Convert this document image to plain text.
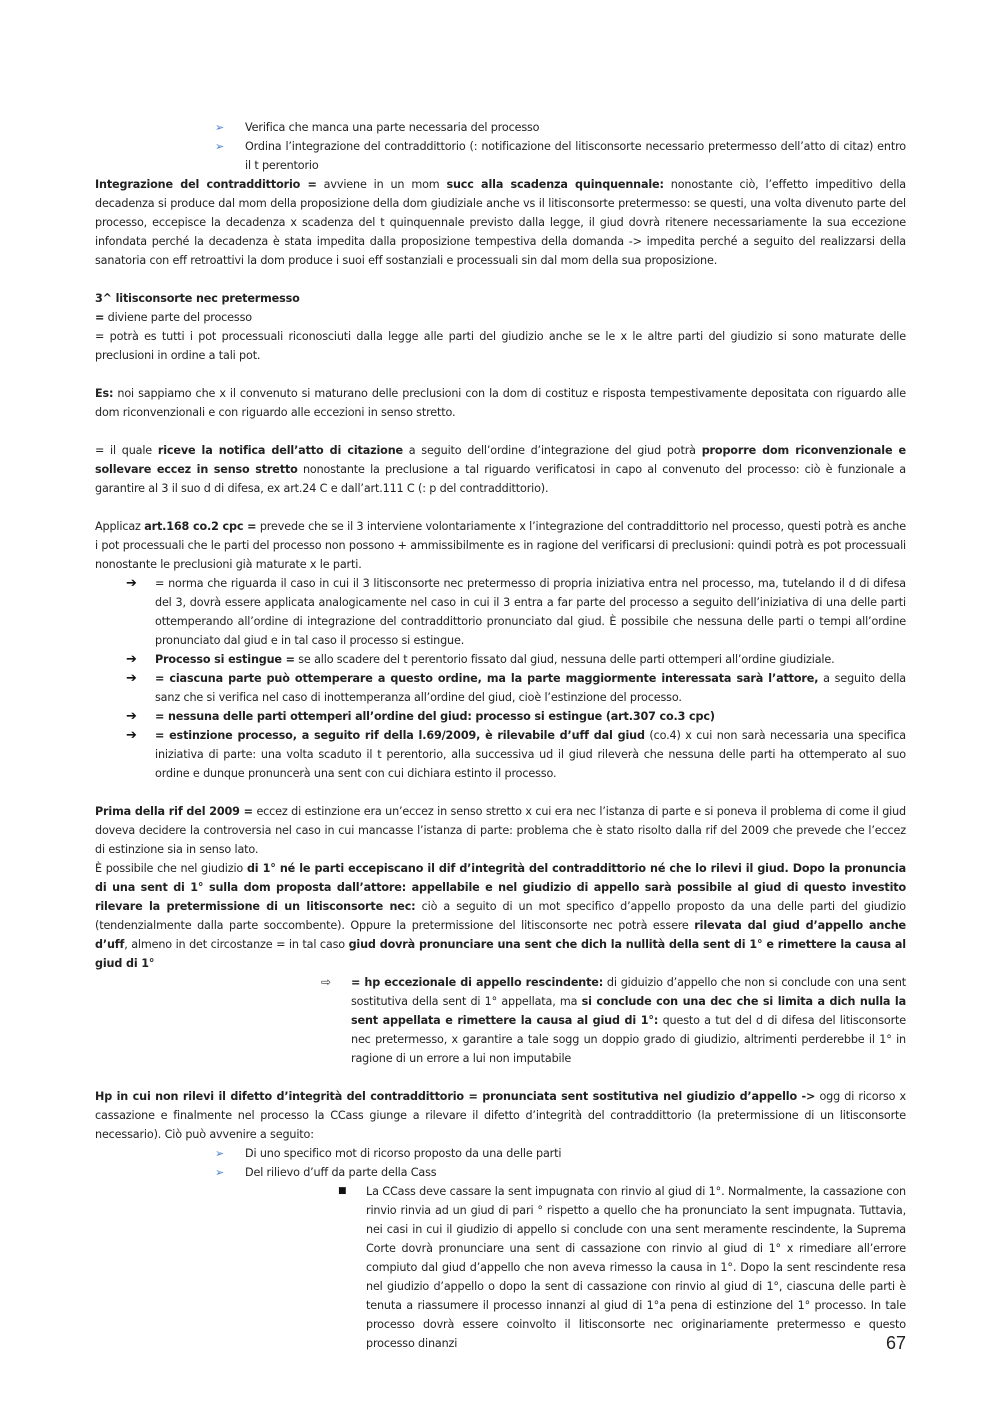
➢ Verifica che manca una parte necessaria del processo
➢ Ordina l’integrazione del contraddittorio (: notificazione del litisconsorte necessario pretermesso dell’atto di citaz) entro il t perentorio

Integrazione del contraddittorio = avviene in un mom succ alla scadenza quinquennale: nonostante ciò, l’effetto impeditivo della decadenza si produce dal mom della proposizione della dom giudiziale anche vs il litisconsorte pretermesso: se questi, una volta divenuto parte del processo, eccepisce la decadenza x scadenza del t quinquennale previsto dalla legge, il giud dovrà ritenere necessariamente la sua eccezione infondata perché la decadenza è stata impedita dalla proposizione tempestiva della domanda -> impedita perché a seguito del realizzarsi della sanatoria con eff retroattivi la dom produce i suoi eff sostanziali e processuali sin dal mom della sua proposizione.

3^ litisconsorte nec pretermesso

= diviene parte del processo

= potrà es tutti i pot processuali riconosciuti dalla legge alle parti del giudizio anche se le x le altre parti del giudizio si sono maturate delle preclusioni in ordine a tali pot.

Es: noi sappiamo che x il convenuto si maturano delle preclusioni con la dom di costituz e risposta tempestivamente depositata con riguardo alle dom riconvenzionali e con riguardo alle eccezioni in senso stretto.

= il quale riceve la notifica dell’atto di citazione a seguito dell’ordine d’integrazione del giud potrà proporre dom riconvenzionale e sollevare eccez in senso stretto nonostante la preclusione a tal riguardo verificatosi in capo al convenuto del processo: ciò è funzionale a garantire al 3 il suo d di difesa, ex art.24 C e dall’art.111 C (: p del contraddittorio).

Applicaz art.168 co.2 cpc = prevede che se il 3 interviene volontariamente x l’integrazione del contraddittorio nel processo, questi potrà es anche i pot processuali che le parti del processo non possono + ammissibilmente es in ragione del verificarsi di preclusioni: quindi potrà es pot processuali nonostante le preclusioni già maturate x le parti.

➔ = norma che riguarda il caso in cui il 3 litisconsorte nec pretermesso di propria iniziativa entra nel processo, ma, tutelando il d di difesa del 3, dovrà essere applicata analogicamente nel caso in cui il 3 entra a far parte del processo a seguito dell’iniziativa di una delle parti ottemperando all’ordine di integrazione del contraddittorio pronunciato dal giud. È possibile che nessuna delle parti o tempi all’ordine pronunciato dal giud e in tal caso il processo si estingue.
➔ Processo si estingue = se allo scadere del t perentorio fissato dal giud, nessuna delle parti ottemperi all’ordine giudiziale.
➔ = ciascuna parte può ottemperare a questo ordine, ma la parte maggiormente interessata sarà l’attore, a seguito della sanz che si verifica nel caso di inottemperanza all’ordine del giud, cioè l’estinzione del processo.
➔ = nessuna delle parti ottemperi all’ordine del giud: processo si estingue (art.307 co.3 cpc)
➔ = estinzione processo, a seguito rif della l.69/2009, è rilevabile d’uff dal giud (co.4) x cui non sarà necessaria una specifica iniziativa di parte: una volta scaduto il t perentorio, alla successiva ud il giud rileverà che nessuna delle parti ha ottemperato al suo ordine e dunque pronuncerà una sent con cui dichiara estinto il processo.

Prima della rif del 2009 = eccez di estinzione era un’eccez in senso stretto x cui era nec l’istanza di parte e si poneva il problema di come il giud doveva decidere la controversia nel caso in cui mancasse l’istanza di parte: problema che è stato risolto dalla rif del 2009 che prevede che l’eccez di estinzione sia in senso lato.

È possibile che nel giudizio di 1° né le parti eccepiscano il dif d’integrità del contraddittorio né che lo rilevi il giud. Dopo la pronuncia di una sent di 1° sulla dom proposta dall’attore: appellabile e nel giudizio di appello sarà possibile al giud di questo investito rilevare la pretermissione di un litisconsorte nec: ciò a seguito di un mot specifico d’appello proposto da una delle parti del giudizio (tendenzialmente dalla parte soccombente). Oppure la pretermissione del litisconsorte nec potrà essere rilevata dal giud d’appello anche d’uff, almeno in det circostanze = in tal caso giud dovrà pronunciare una sent che dich la nullità della sent di 1° e rimettere la causa al giud di 1°

⇨ = hp eccezionale di appello rescindente: di giduizio d’appello che non si conclude con una sent sostitutiva della sent di 1° appellata, ma si conclude con una dec che si limita a dich nulla la sent appellata e rimettere la causa al giud di 1°: questo a tut del d di difesa del litisconsorte nec pretermesso, x garantire a tale sogg un doppio grado di giudizio, altrimenti perderebbe il 1° in ragione di un errore a lui non imputabile

Hp in cui non rilevi il difetto d’integrità del contraddittorio = pronunciata sent sostitutiva nel giudizio d’appello -> ogg di ricorso x cassazione e finalmente nel processo la CCass giunge a rilevare il difetto d’integrità del contraddittorio (la pretermissione di un litisconsorte necessario). Ciò può avvenire a seguito:

➢ Di uno specifico mot di ricorso proposto da una delle parti
➢ Del rilievo d’uff da parte della Cass
■ La CCass deve cassare la sent impugnata con rinvio al giud di 1°. Normalmente, la cassazione con rinvio rinvia ad un giud di pari ° rispetto a quello che ha pronunciato la sent impugnata. Tuttavia, nei casi in cui il giudizio di appello si conclude con una sent meramente rescindente, la Suprema Corte dovrà pronunciare una sent di cassazione con rinvio al giud di 1° x rimediare all’errore compiuto dal giud d’appello che non aveva rimesso la causa in 1°. Dopo la sent rescindente resa nel giudizio d’appello o dopo la sent di cassazione con rinvio al giud di 1°, ciascuna delle parti è tenuta a riassumere il processo innanzi al giud di 1°a pena di estinzione del 1° processo. In tale processo dovrà essere coinvolto il litisconsorte nec originariamente pretermesso e questo processo dinanzi	67
